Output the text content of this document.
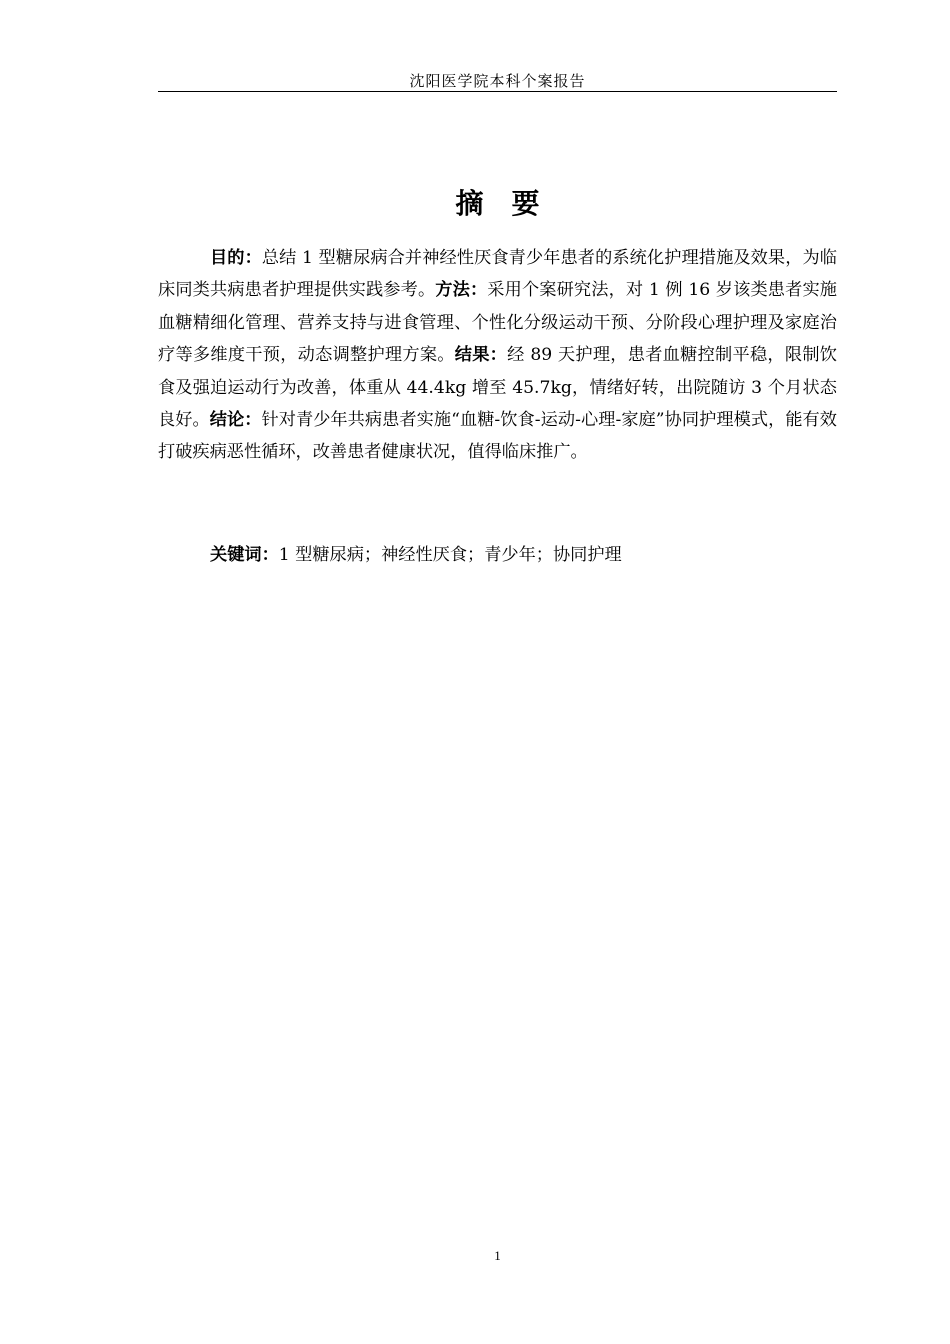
沈阳医学院本科个案报告
摘 要

目的：总结 1 型糖尿病合并神经性厌食青少年患者的系统化护理措施及效果，为临床同类共病患者护理提供实践参考。方法：采用个案研究法，对 1 例 16 岁该类患者实施血糖精细化管理、营养支持与进食管理、个性化分级运动干预、分阶段心理护理及家庭治疗等多维度干预，动态调整护理方案。结果：经 89 天护理，患者血糖控制平稳，限制饮食及强迫运动行为改善，体重从 44.4kg 增至 45.7kg，情绪好转，出院随访 3 个月状态良好。结论：针对青少年共病患者实施“血糖-饮食-运动-心理-家庭”协同护理模式，能有效打破疾病恶性循环，改善患者健康状况，值得临床推广。

关键词：1 型糖尿病；神经性厌食；青少年；协同护理

1
